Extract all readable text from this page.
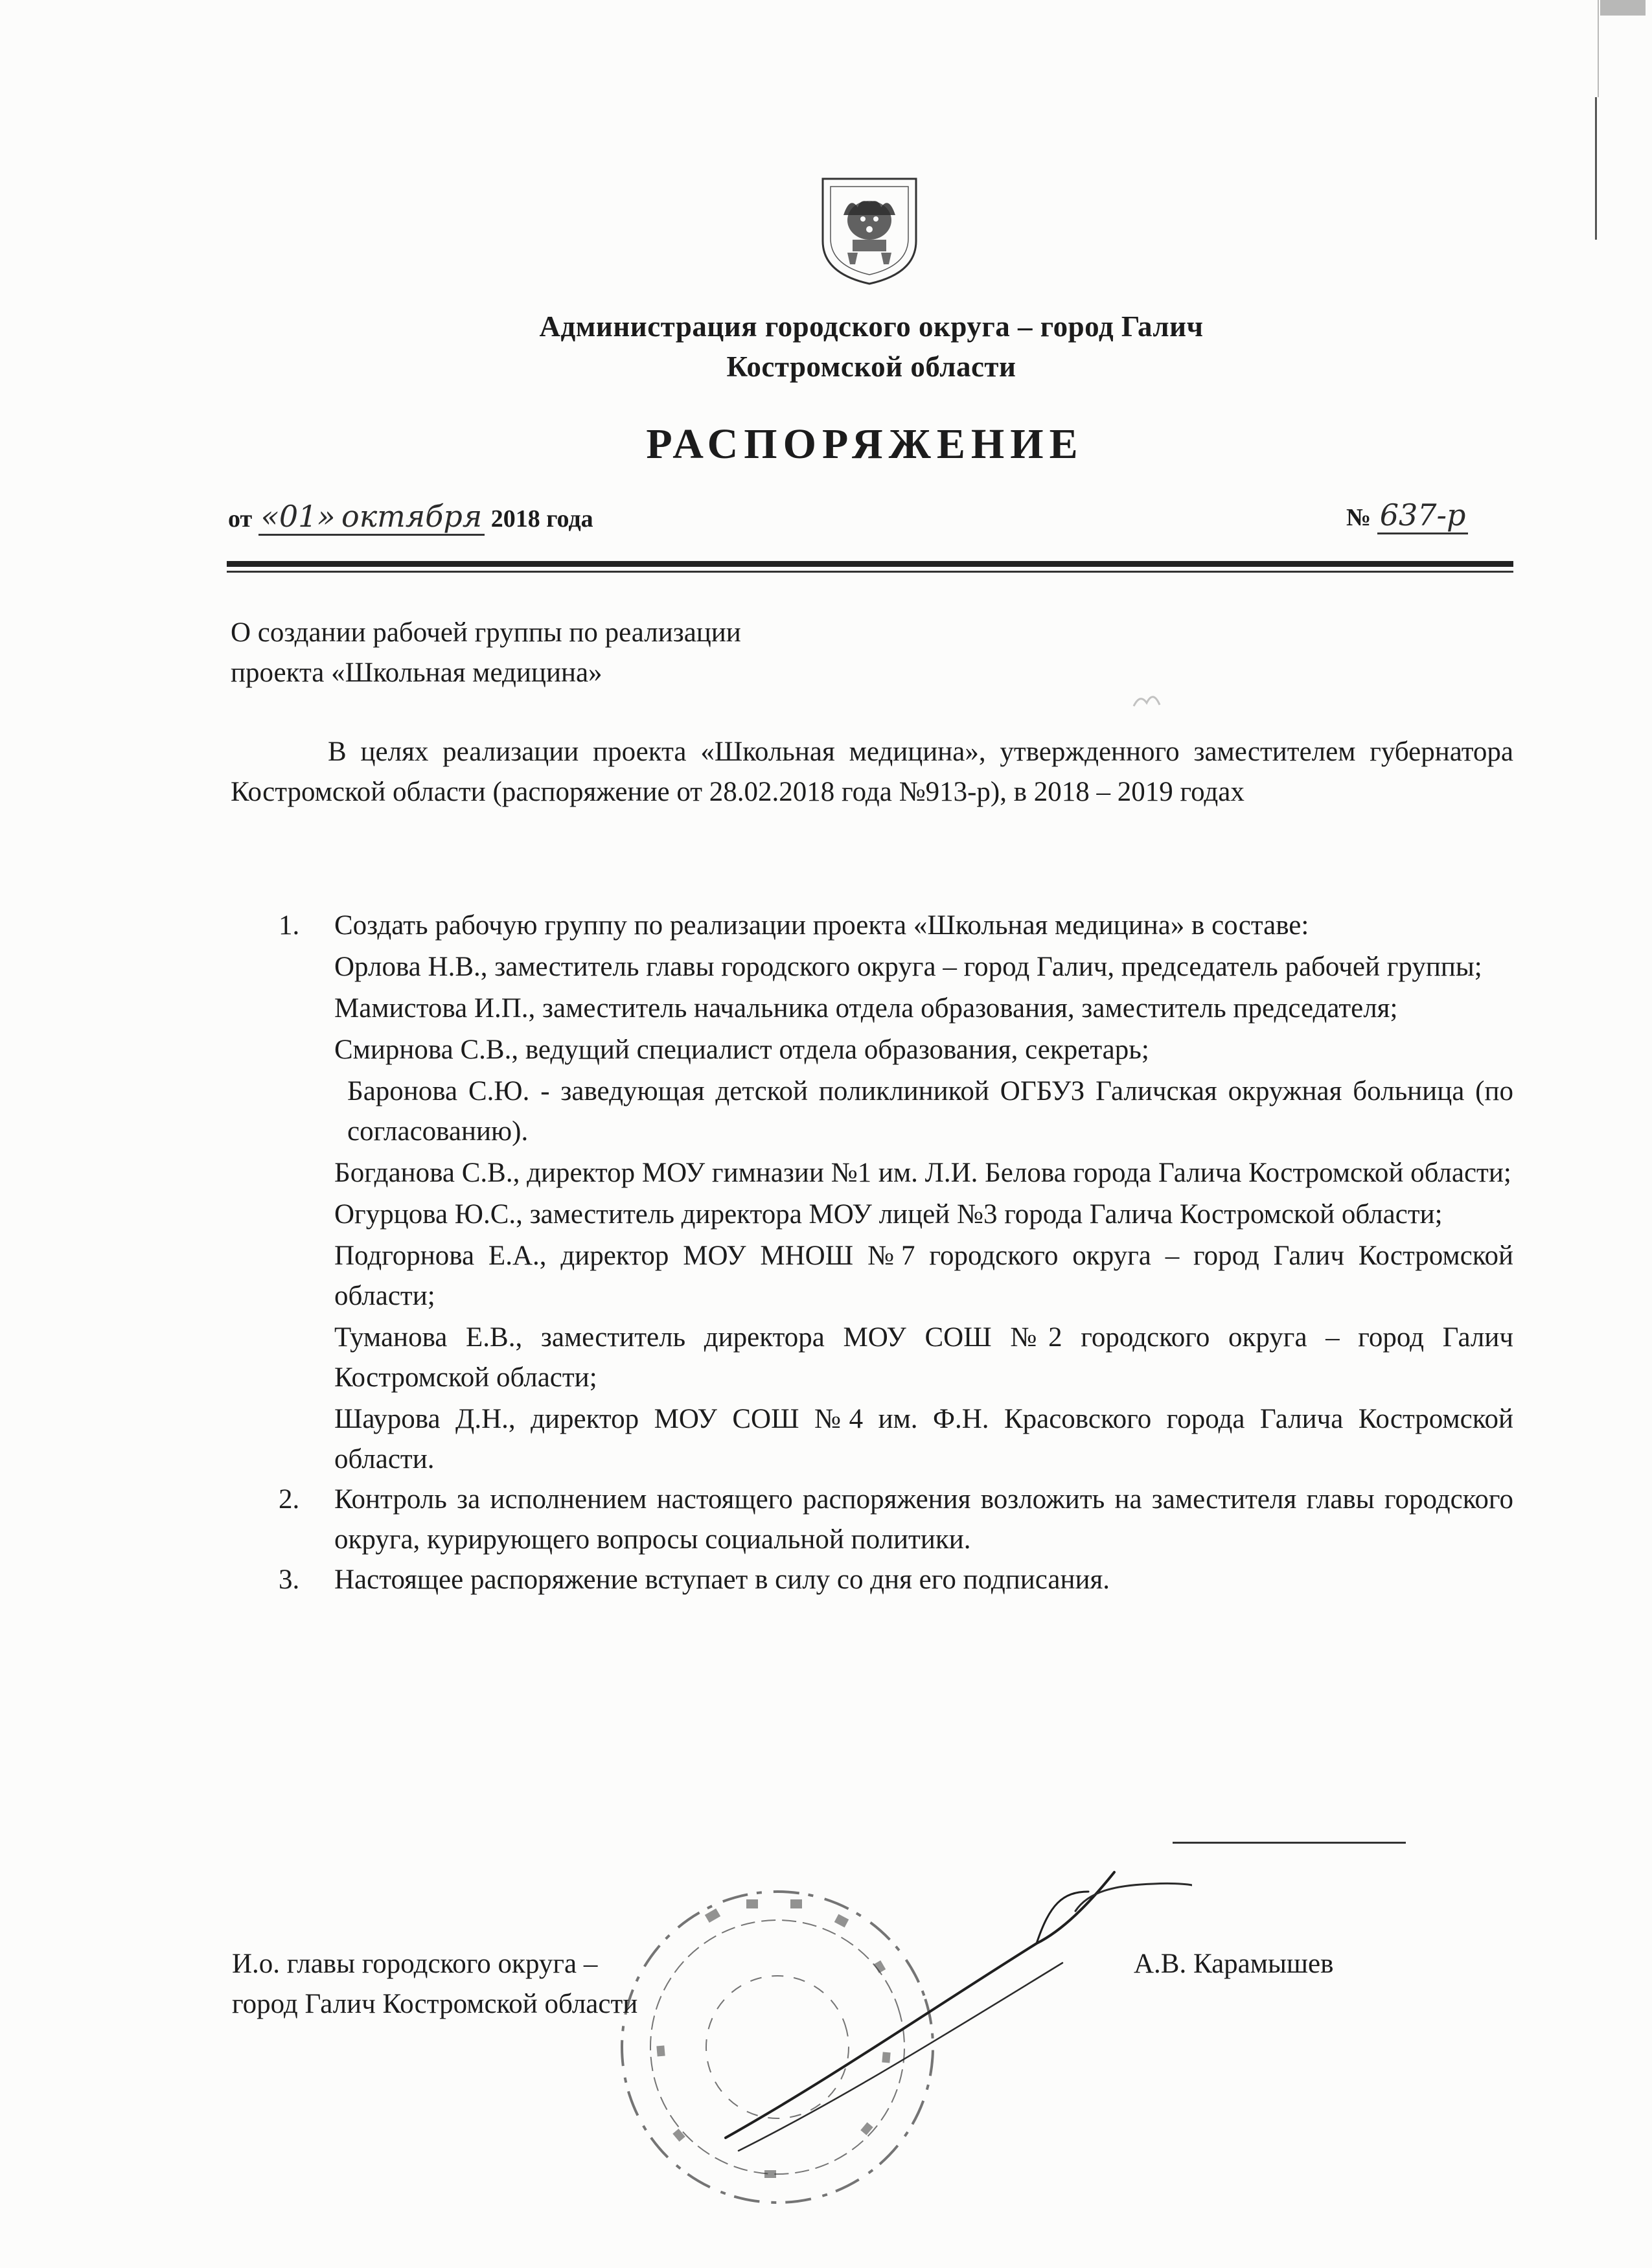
Администрация городского округа – город Галич
Костромской области
РАСПОРЯЖЕНИЕ
от «01» октября 2018 года	№ 637-р
О создании рабочей группы по реализации
проекта «Школьная медицина»
В целях реализации проекта «Школьная медицина», утвержденного заместителем губернатора Костромской области (распоряжение от 28.02.2018 года №913-р), в 2018 – 2019 годах
1. Создать рабочую группу по реализации проекта «Школьная медицина» в составе:
Орлова Н.В., заместитель главы городского округа – город Галич, председатель рабочей группы;
Мамистова И.П., заместитель начальника отдела образования, заместитель председателя;
Смирнова С.В., ведущий специалист отдела образования, секретарь;
Баронова С.Ю. - заведующая детской поликлиникой ОГБУЗ Галичская окружная больница (по согласованию).
Богданова С.В., директор МОУ гимназии №1 им. Л.И. Белова города Галича Костромской области;
Огурцова Ю.С., заместитель директора МОУ лицей №3 города Галича Костромской области;
Подгорнова Е.А., директор МОУ МНОШ №7 городского округа – город Галич Костромской области;
Туманова Е.В., заместитель директора МОУ СОШ №2 городского округа – город Галич Костромской области;
Шаурова Д.Н., директор МОУ СОШ №4 им. Ф.Н. Красовского города Галича Костромской области.
2. Контроль за исполнением настоящего распоряжения возложить на заместителя главы городского округа, курирующего вопросы социальной политики.
3. Настоящее распоряжение вступает в силу со дня его подписания.
И.о. главы городского округа –
город Галич Костромской области
А.В. Карамышев
